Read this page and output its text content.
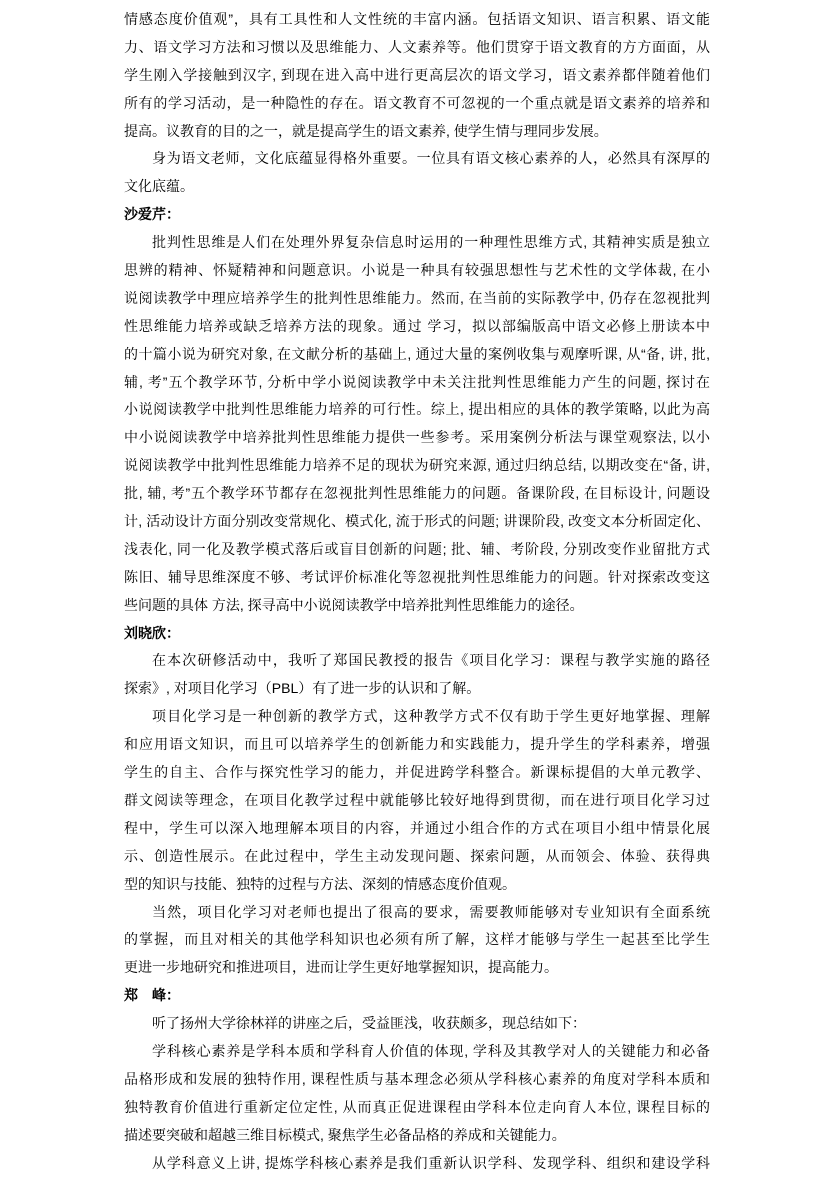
情感态度价值观”，具有工具性和人文性统的丰富内涵。包括语文知识、语言积累、语文能
力、语文学习方法和习惯以及思维能力、人文素养等。他们贯穿于语文教育的方方面面，从
学生刚入学接触到汉字, 到现在进入高中进行更高层次的语文学习，语文素养都伴随着他们
所有的学习活动，是一种隐性的存在。语文教育不可忽视的一个重点就是语文素养的培养和
提高。议教育的目的之一，就是提高学生的语文素养, 使学生情与理同步发展。
身为语文老师，文化底蕴显得格外重要。一位具有语文核心素养的人，必然具有深厚的
文化底蕴。
沙爱芹：
批判性思维是人们在处理外界复杂信息时运用的一种理性思维方式, 其精神实质是独立
思辨的精神、怀疑精神和问题意识。小说是一种具有较强思想性与艺术性的文学体裁, 在小
说阅读教学中理应培养学生的批判性思维能力。然而, 在当前的实际教学中, 仍存在忽视批判
性思维能力培养或缺乏培养方法的现象。通过 学习，拟以部编版高中语文必修上册读本中
的十篇小说为研究对象, 在文献分析的基础上, 通过大量的案例收集与观摩听课, 从“备, 讲, 批,
辅, 考”五个教学环节, 分析中学小说阅读教学中未关注批判性思维能力产生的问题, 探讨在
小说阅读教学中批判性思维能力培养的可行性。综上, 提出相应的具体的教学策略, 以此为高
中小说阅读教学中培养批判性思维能力提供一些参考。采用案例分析法与课堂观察法, 以小
说阅读教学中批判性思维能力培养不足的现状为研究来源, 通过归纳总结, 以期改变在“备, 讲,
批, 辅, 考”五个教学环节都存在忽视批判性思维能力的问题。备课阶段, 在目标设计, 问题设
计, 活动设计方面分别改变常规化、模式化, 流于形式的问题; 讲课阶段, 改变文本分析固定化、
浅表化, 同一化及教学模式落后或盲目创新的问题; 批、辅、考阶段, 分别改变作业留批方式
陈旧、辅导思维深度不够、考试评价标准化等忽视批判性思维能力的问题。针对探索改变这
些问题的具体 方法, 探寻高中小说阅读教学中培养批判性思维能力的途径。
刘晓欣：
在本次研修活动中，我听了郑国民教授的报告《项目化学习：课程与教学实施的路径
探索》, 对项目化学习（PBL）有了进一步的认识和了解。
项目化学习是一种创新的教学方式，这种教学方式不仅有助于学生更好地掌握、理解
和应用语文知识，而且可以培养学生的创新能力和实践能力，提升学生的学科素养，增强
学生的自主、合作与探究性学习的能力，并促进跨学科整合。新课标提倡的大单元教学、
群文阅读等理念，在项目化教学过程中就能够比较好地得到贯彻，而在进行项目化学习过
程中，学生可以深入地理解本项目的内容，并通过小组合作的方式在项目小组中情景化展
示、创造性展示。在此过程中，学生主动发现问题、探索问题，从而领会、体验、获得典
型的知识与技能、独特的过程与方法、深刻的情感态度价值观。
当然，项目化学习对老师也提出了很高的要求，需要教师能够对专业知识有全面系统
的掌握，而且对相关的其他学科知识也必须有所了解，这样才能够与学生一起甚至比学生
更进一步地研究和推进项目，进而让学生更好地掌握知识，提高能力。
郑　峰：
听了扬州大学徐林祥的讲座之后，受益匪浅，收获颇多，现总结如下：
学科核心素养是学科本质和学科育人价值的体现, 学科及其教学对人的关键能力和必备
品格形成和发展的独特作用, 课程性质与基本理念必须从学科核心素养的角度对学科本质和
独特教育价值进行重新定位定性, 从而真正促进课程由学科本位走向育人本位, 课程目标的
描述要突破和超越三维目标模式, 聚焦学生必备品格的养成和关键能力。
从学科意义上讲, 提炼学科核心素养是我们重新认识学科、发现学科、组织和建设学科
